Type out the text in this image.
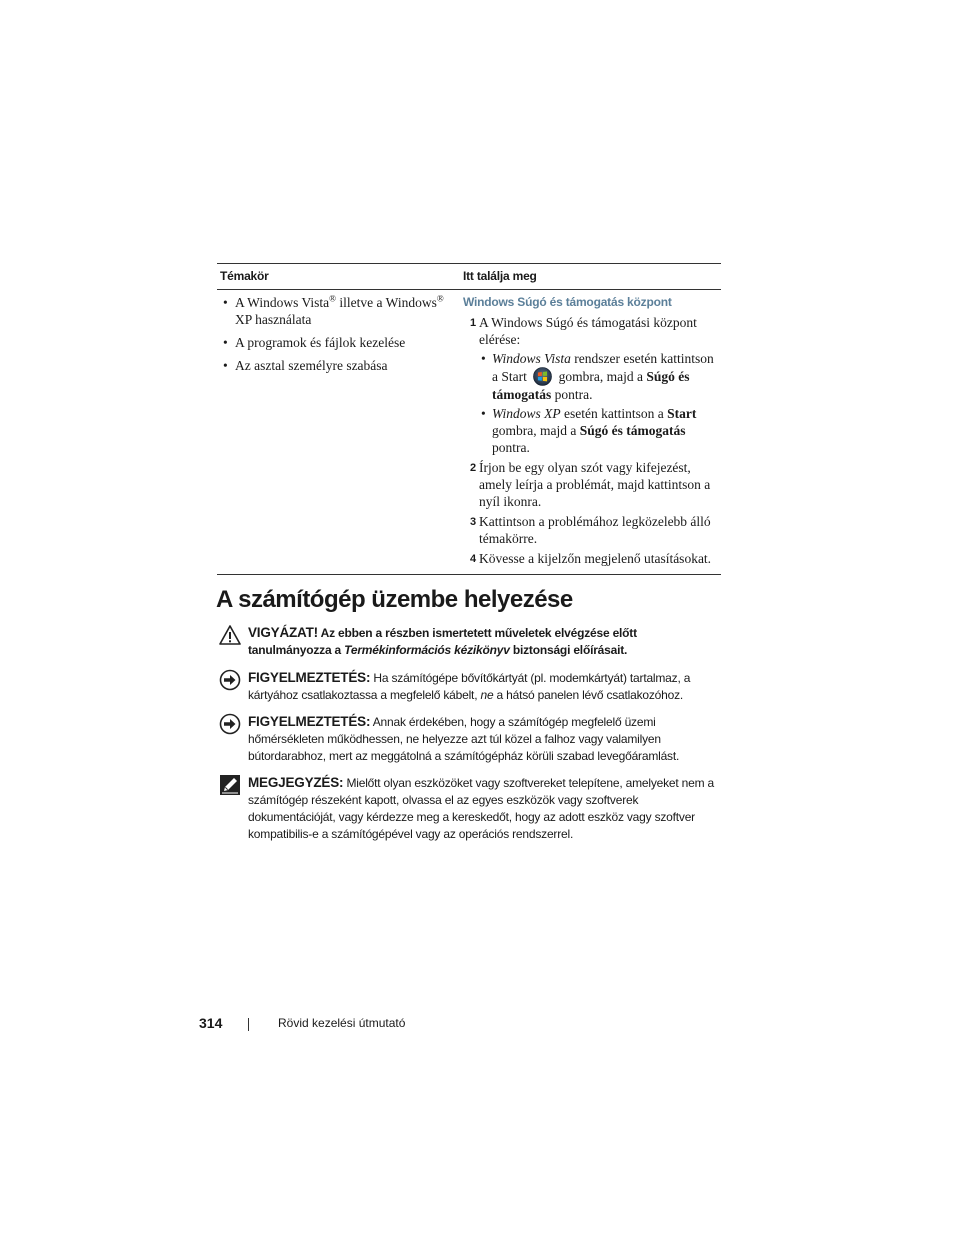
Témakör	Itt találja meg
• A Windows Vista® illetve a Windows® XP használata
• A programok és fájlok kezelése
• Az asztal személyre szabása
Windows Súgó és támogatás központ
1 A Windows Súgó és támogatási központ elérése:
• Windows Vista rendszer esetén kattintson a Start  gombra, majd a Súgó és támogatás pontra.
• Windows XP esetén kattintson a Start gombra, majd a Súgó és támogatás pontra.
2 Írjon be egy olyan szót vagy kifejezést, amely leírja a problémát, majd kattintson a nyíl ikonra.
3 Kattintson a problémához legközelebb álló témakörre.
4 Kövesse a kijelzőn megjelenő utasításokat.
A számítógép üzembe helyezése
VIGYÁZAT! Az ebben a részben ismertetett műveletek elvégzése előtt tanulmányozza a Termékinformációs kézikönyv biztonsági előírásait.
FIGYELMEZTETÉS: Ha számítógépe bővítőkártyát (pl. modemkártyát) tartalmaz, a kártyához csatlakoztassa a megfelelő kábelt, ne a hátsó panelen lévő csatlakozóhoz.
FIGYELMEZTETÉS: Annak érdekében, hogy a számítógép megfelelő üzemi hőmérsékleten működhessen, ne helyezze azt túl közel a falhoz vagy valamilyen bútordarabhoz, mert az meggátolná a számítógépház körüli szabad levegőáramlást.
MEGJEGYZÉS: Mielőtt olyan eszközöket vagy szoftvereket telepítene, amelyeket nem a számítógép részeként kapott, olvassa el az egyes eszközök vagy szoftverek dokumentációját, vagy kérdezze meg a kereskedőt, hogy az adott eszköz vagy szoftver kompatibilis-e a számítógépével vagy az operációs rendszerrel.
314	Rövid kezelési útmutató
